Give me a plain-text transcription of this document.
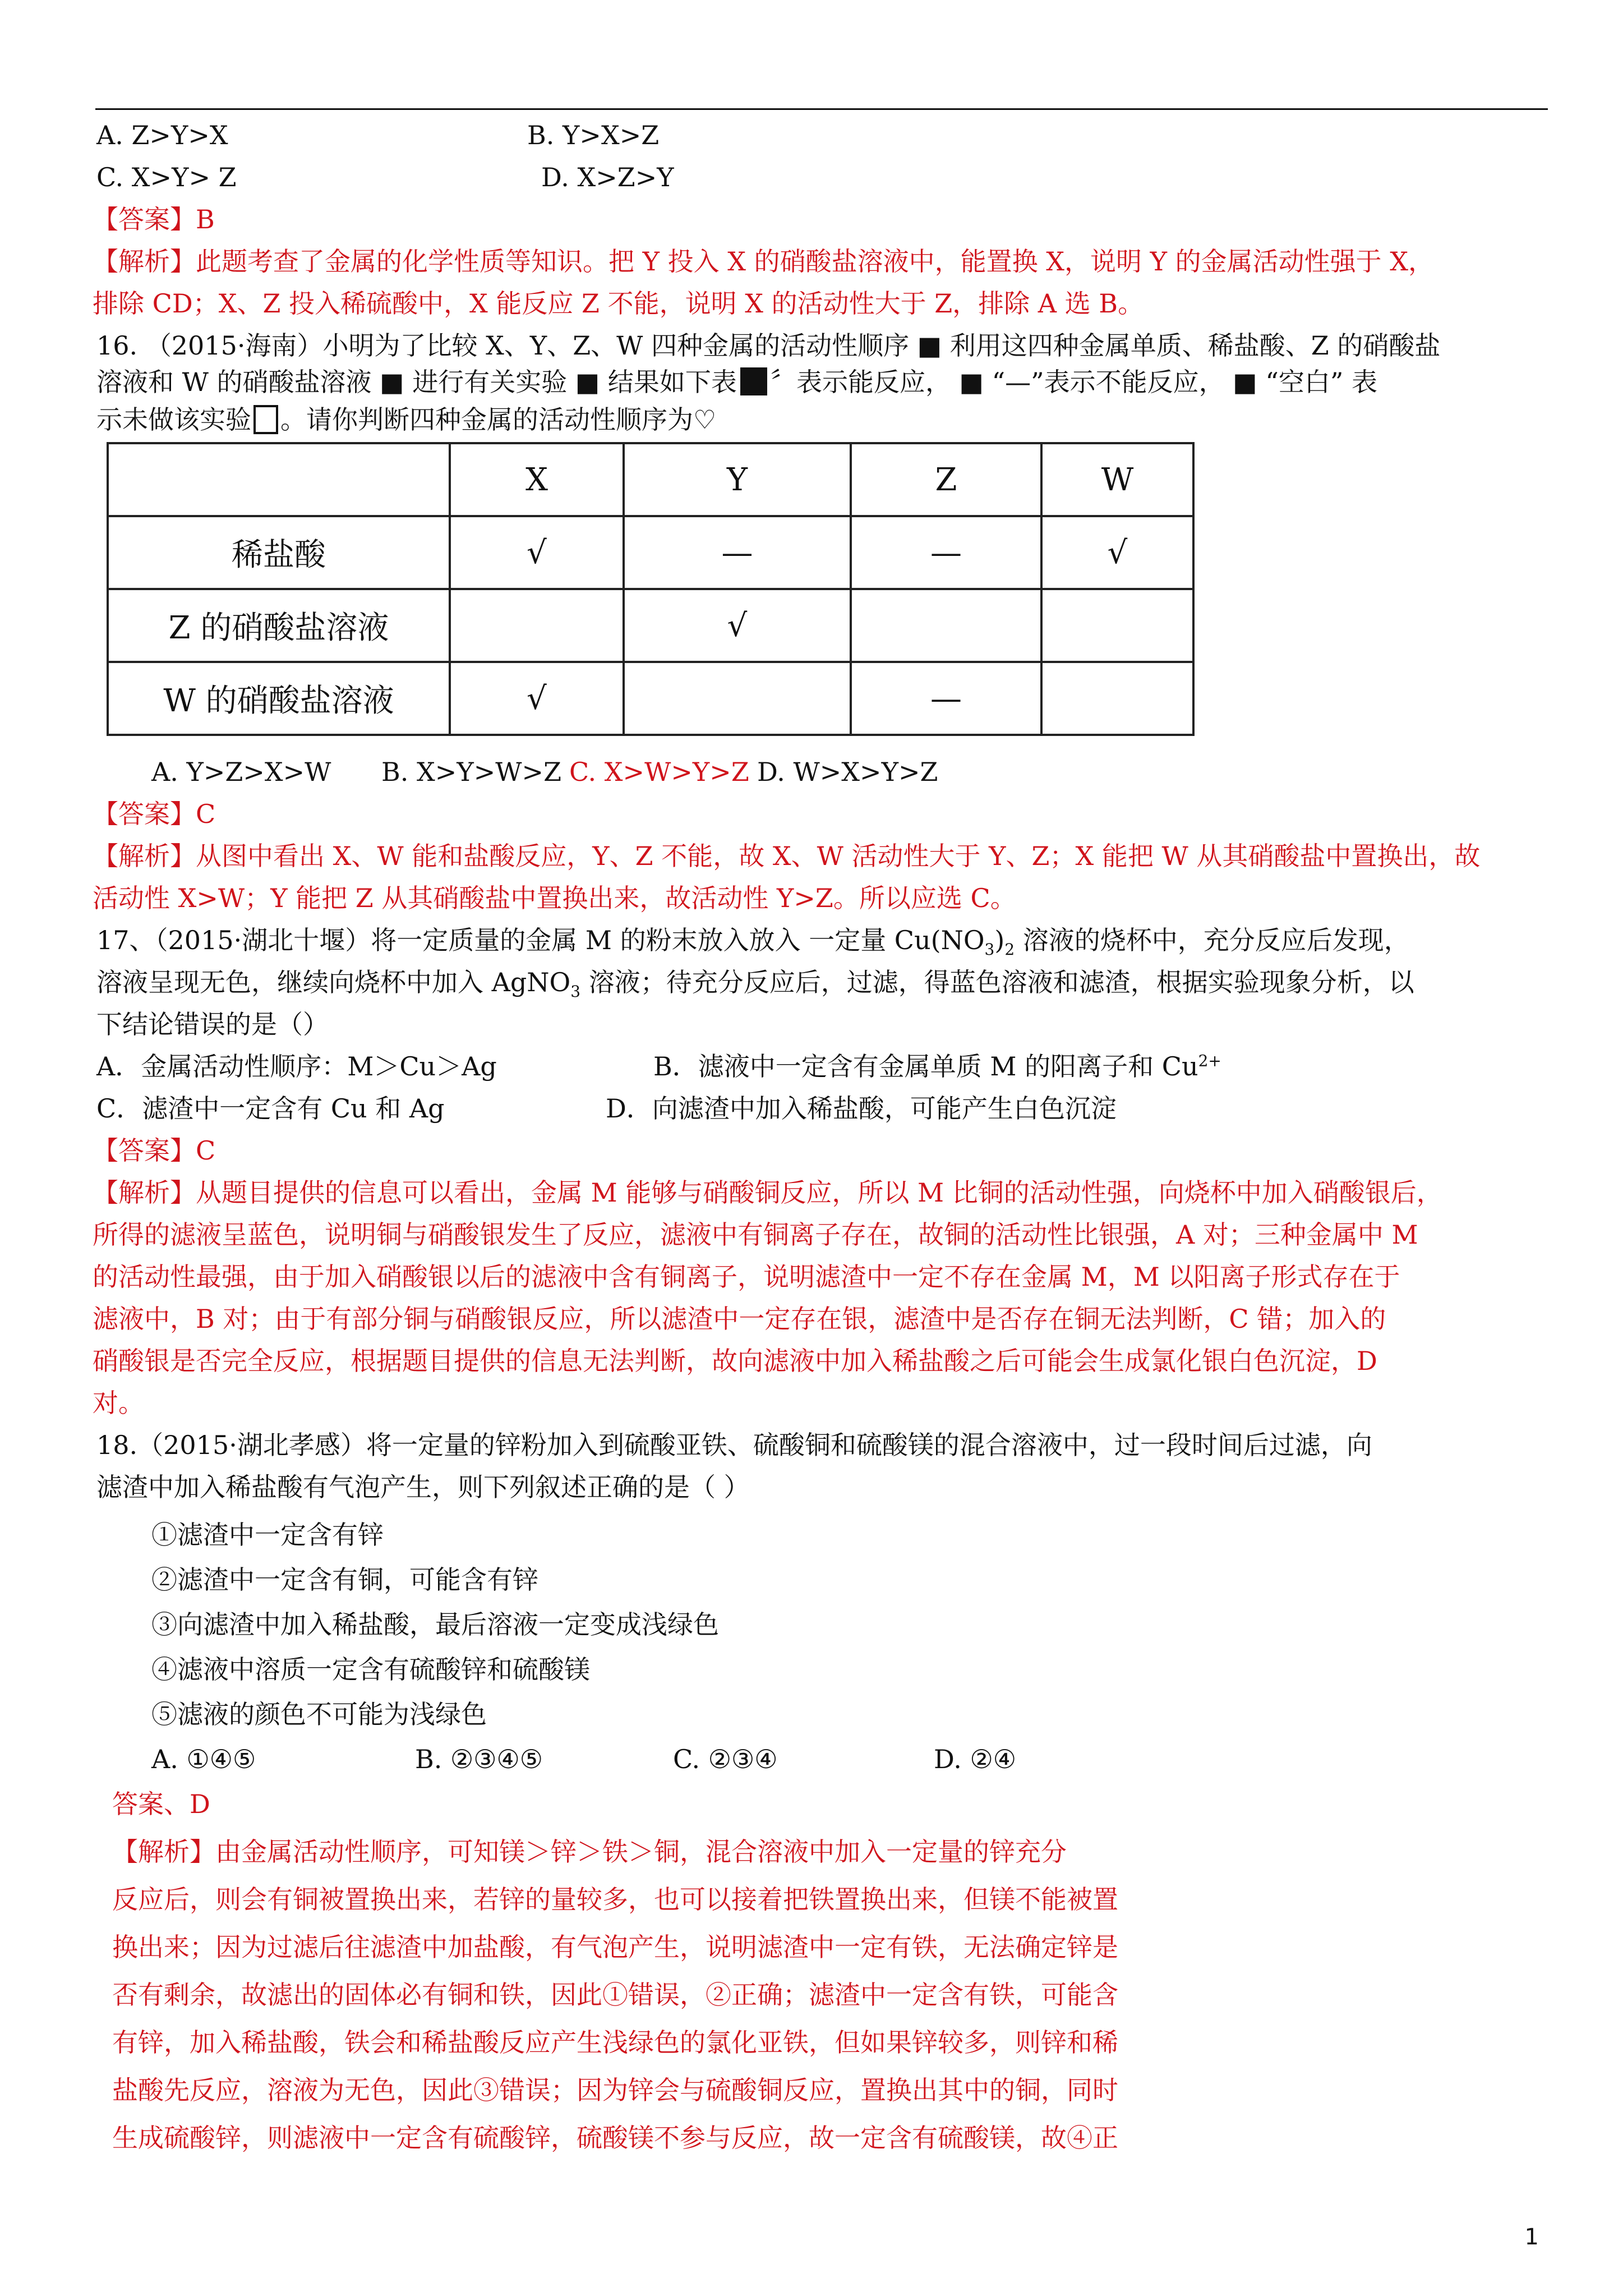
A. Z>Y>X	B. Y>X>Z
C. X>Y> Z	D. X>Z>Y
【答案】B
【解析】此题考查了金属的化学性质等知识。把 Y 投入 X 的硝酸盐溶液中，能置换 X，说明 Y 的金属活动性强于 X，
排除 CD；X、Z 投入稀硫酸中，X 能反应 Z 不能，说明 X 的活动性大于 Z，排除 A 选 B。
16. （2015·海南）小明为了比较 X、Y、Z、W 四种金属的活动性顺序 ■ 利用这四种金属单质、稀盐酸、Z 的硝酸盐
溶液和 W 的硝酸盐溶液 ■ 进行有关实验 ■ 结果如下表 〞表示能反应， ■ “—”表示不能反应， ■ “空白” 表
示未做该实验 。请你判断四种金属的活动性顺序为♡
	X	Y	Z	W
稀盐酸	√	—	—	√
Z 的硝酸盐溶液		√		
W 的硝酸盐溶液	√		—	
A. Y>Z>X>W B. X>Y>W>Z C. X>W>Y>Z D. W>X>Y>Z
【答案】C
【解析】从图中看出 X、W 能和盐酸反应，Y、Z 不能，故 X、W 活动性大于 Y、Z；X 能把 W 从其硝酸盐中置换出，故
活动性 X>W；Y 能把 Z 从其硝酸盐中置换出来，故活动性 Y>Z。所以应选 C。
17、（2015·湖北十堰）将一定质量的金属 M 的粉末放入放入 一定量 $Cu(NO_3)_2$ 溶液的烧杯中，充分反应后发现，
溶液呈现无色，继续向烧杯中加入 AgNO$_3$ 溶液；待充分反应后，过滤，得蓝色溶液和滤渣，根据实验现象分析，以
下结论错误的是（）
A．金属活动性顺序：M＞Cu＞Ag	B．滤液中一定含有金属单质 M 的阳离子和 $Cu^{2+}$
C．滤渣中一定含有 Cu 和 Ag	D．向滤渣中加入稀盐酸，可能产生白色沉淀
【答案】C
【解析】从题目提供的信息可以看出，金属 M 能够与硝酸铜反应，所以 M 比铜的活动性强，向烧杯中加入硝酸银后，
所得的滤液呈蓝色，说明铜与硝酸银发生了反应，滤液中有铜离子存在，故铜的活动性比银强，A 对；三种金属中 M
的活动性最强，由于加入硝酸银以后的滤液中含有铜离子，说明滤渣中一定不存在金属 M，M 以阳离子形式存在于
滤液中，B 对；由于有部分铜与硝酸银反应，所以滤渣中一定存在银，滤渣中是否存在铜无法判断，C 错；加入的
硝酸银是否完全反应，根据题目提供的信息无法判断，故向滤液中加入稀盐酸之后可能会生成氯化银白色沉淀，D
对。
18.（2015·湖北孝感）将一定量的锌粉加入到硫酸亚铁、硫酸铜和硫酸镁的混合溶液中，过一段时间后过滤，向
滤渣中加入稀盐酸有气泡产生，则下列叙述正确的是（ ）
①滤渣中一定含有锌
②滤渣中一定含有铜，可能含有锌
③向滤渣中加入稀盐酸，最后溶液一定变成浅绿色
④滤液中溶质一定含有硫酸锌和硫酸镁
⑤滤液的颜色不可能为浅绿色
A. ①④⑤	B. ②③④⑤	C. ②③④	D. ②④
答案、D
【解析】由金属活动性顺序，可知镁＞锌＞铁＞铜，混合溶液中加入一定量的锌充分
反应后，则会有铜被置换出来，若锌的量较多，也可以接着把铁置换出来，但镁不能被置
换出来；因为过滤后往滤渣中加盐酸，有气泡产生，说明滤渣中一定有铁，无法确定锌是
否有剩余，故滤出的固体必有铜和铁，因此①错误，②正确；滤渣中一定含有铁，可能含
有锌，加入稀盐酸，铁会和稀盐酸反应产生浅绿色的氯化亚铁，但如果锌较多，则锌和稀
盐酸先反应，溶液为无色，因此③错误；因为锌会与硫酸铜反应，置换出其中的铜，同时
生成硫酸锌，则滤液中一定含有硫酸锌，硫酸镁不参与反应，故一定含有硫酸镁，故④正
1
